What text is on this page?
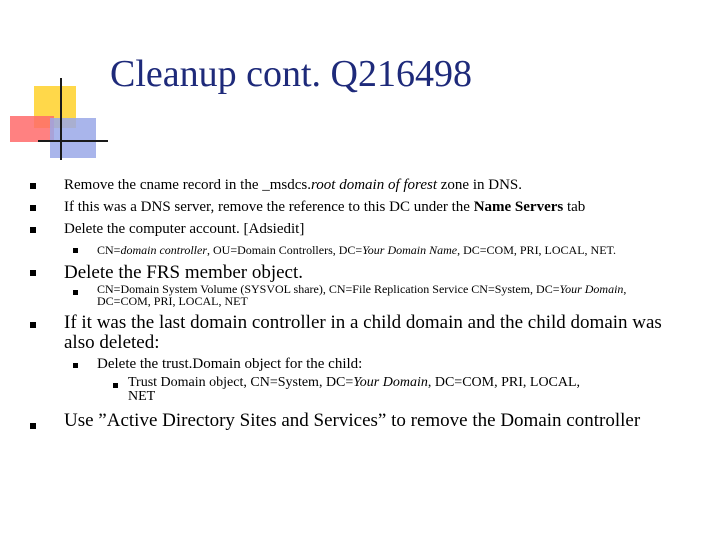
Cleanup cont. Q216498
Remove the cname record in the _msdcs.root domain of forest zone in DNS.
If this was a DNS server, remove the reference to this DC under the Name Servers tab
Delete the computer account. [Adsiedit]
CN=domain controller, OU=Domain Controllers, DC=Your Domain Name, DC=COM, PRI, LOCAL, NET.
Delete the FRS member object.
CN=Domain System Volume (SYSVOL share), CN=File Replication Service CN=System, DC=Your Domain,
DC=COM, PRI, LOCAL, NET
If it was the last domain controller in a child domain and the child domain was
also deleted:
Delete the trust.Domain object for the child:
Trust Domain object, CN=System, DC=Your Domain, DC=COM, PRI, LOCAL,
NET
Use ”Active Directory Sites and Services” to remove the Domain controller
